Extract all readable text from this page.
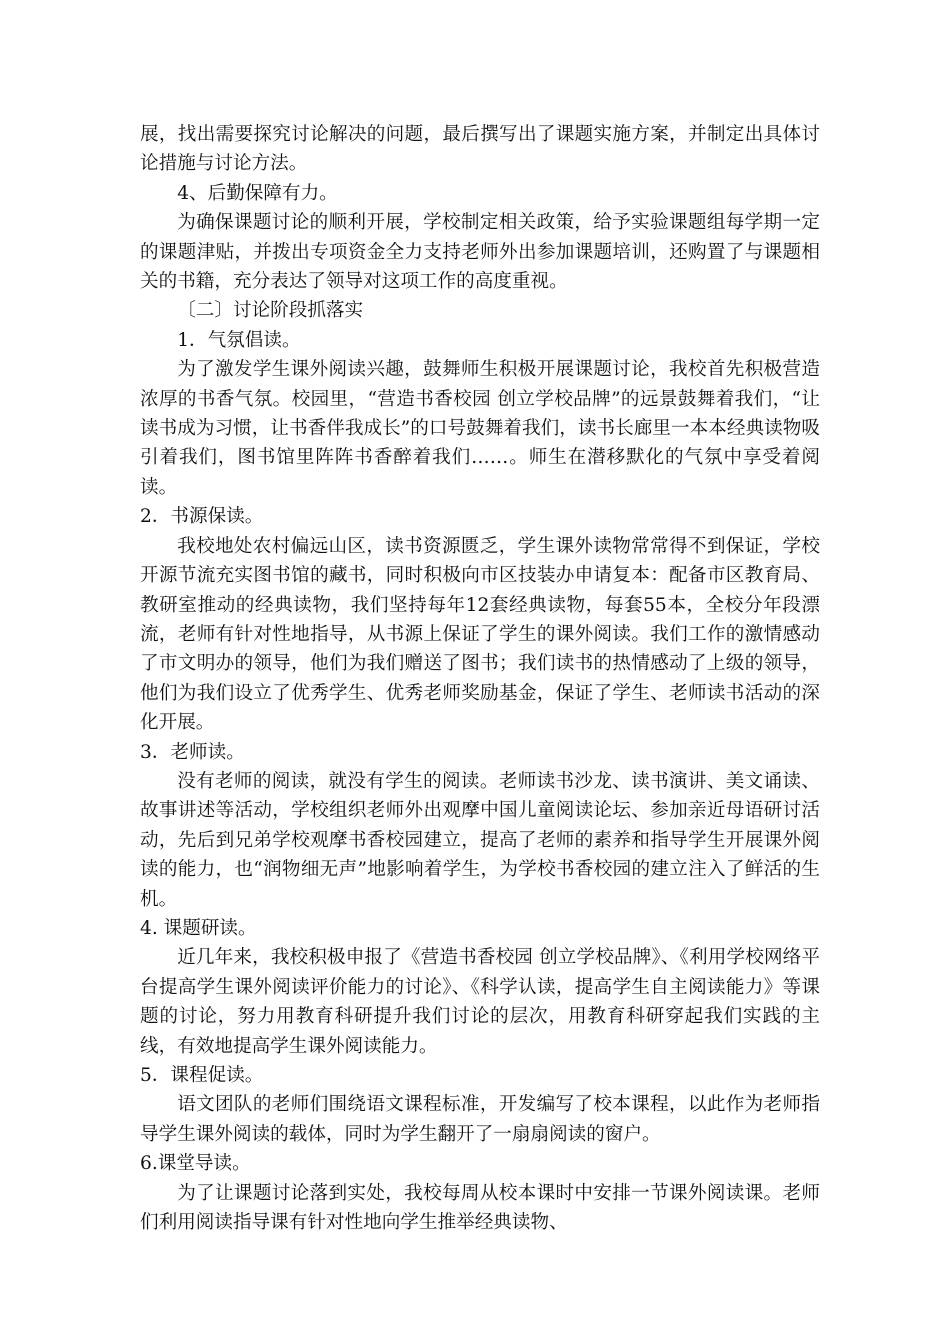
展，找出需要探究讨论解决的问题，最后撰写出了课题实施方案，并制定出具体讨论措施与讨论方法。

4、后勤保障有力。

为确保课题讨论的顺利开展，学校制定相关政策，给予实验课题组每学期一定的课题津贴，并拨出专项资金全力支持老师外出参加课题培训，还购置了与课题相关的书籍，充分表达了领导对这项工作的高度重视。

〔二〕讨论阶段抓落实

1．气氛倡读。

为了激发学生课外阅读兴趣，鼓舞师生积极开展课题讨论，我校首先积极营造浓厚的书香气氛。校园里，“营造书香校园 创立学校品牌”的远景鼓舞着我们，“让读书成为习惯，让书香伴我成长”的口号鼓舞着我们，读书长廊里一本本经典读物吸引着我们，图书馆里阵阵书香醉着我们……。师生在潜移默化的气氛中享受着阅读。

2．书源保读。

我校地处农村偏远山区，读书资源匮乏，学生课外读物常常得不到保证，学校开源节流充实图书馆的藏书，同时积极向市区技装办申请复本：配备市区教育局、教研室推动的经典读物，我们坚持每年12套经典读物，每套55本，全校分年段漂流，老师有针对性地指导，从书源上保证了学生的课外阅读。我们工作的激情感动了市文明办的领导，他们为我们赠送了图书；我们读书的热情感动了上级的领导，他们为我们设立了优秀学生、优秀老师奖励基金，保证了学生、老师读书活动的深化开展。

3．老师读。

没有老师的阅读，就没有学生的阅读。老师读书沙龙、读书演讲、美文诵读、故事讲述等活动，学校组织老师外出观摩中国儿童阅读论坛、参加亲近母语研讨活动，先后到兄弟学校观摩书香校园建立，提高了老师的素养和指导学生开展课外阅读的能力，也“润物细无声”地影响着学生，为学校书香校园的建立注入了鲜活的生机。

4. 课题研读。

近几年来，我校积极申报了《营造书香校园 创立学校品牌》、《利用学校网络平台提高学生课外阅读评价能力的讨论》、《科学认读，提高学生自主阅读能力》等课题的讨论，努力用教育科研提升我们讨论的层次，用教育科研穿起我们实践的主线，有效地提高学生课外阅读能力。

5．课程促读。

语文团队的老师们围绕语文课程标准，开发编写了校本课程，以此作为老师指导学生课外阅读的载体，同时为学生翻开了一扇扇阅读的窗户。

6.课堂导读。

为了让课题讨论落到实处，我校每周从校本课时中安排一节课外阅读课。老师们利用阅读指导课有针对性地向学生推举经典读物、
